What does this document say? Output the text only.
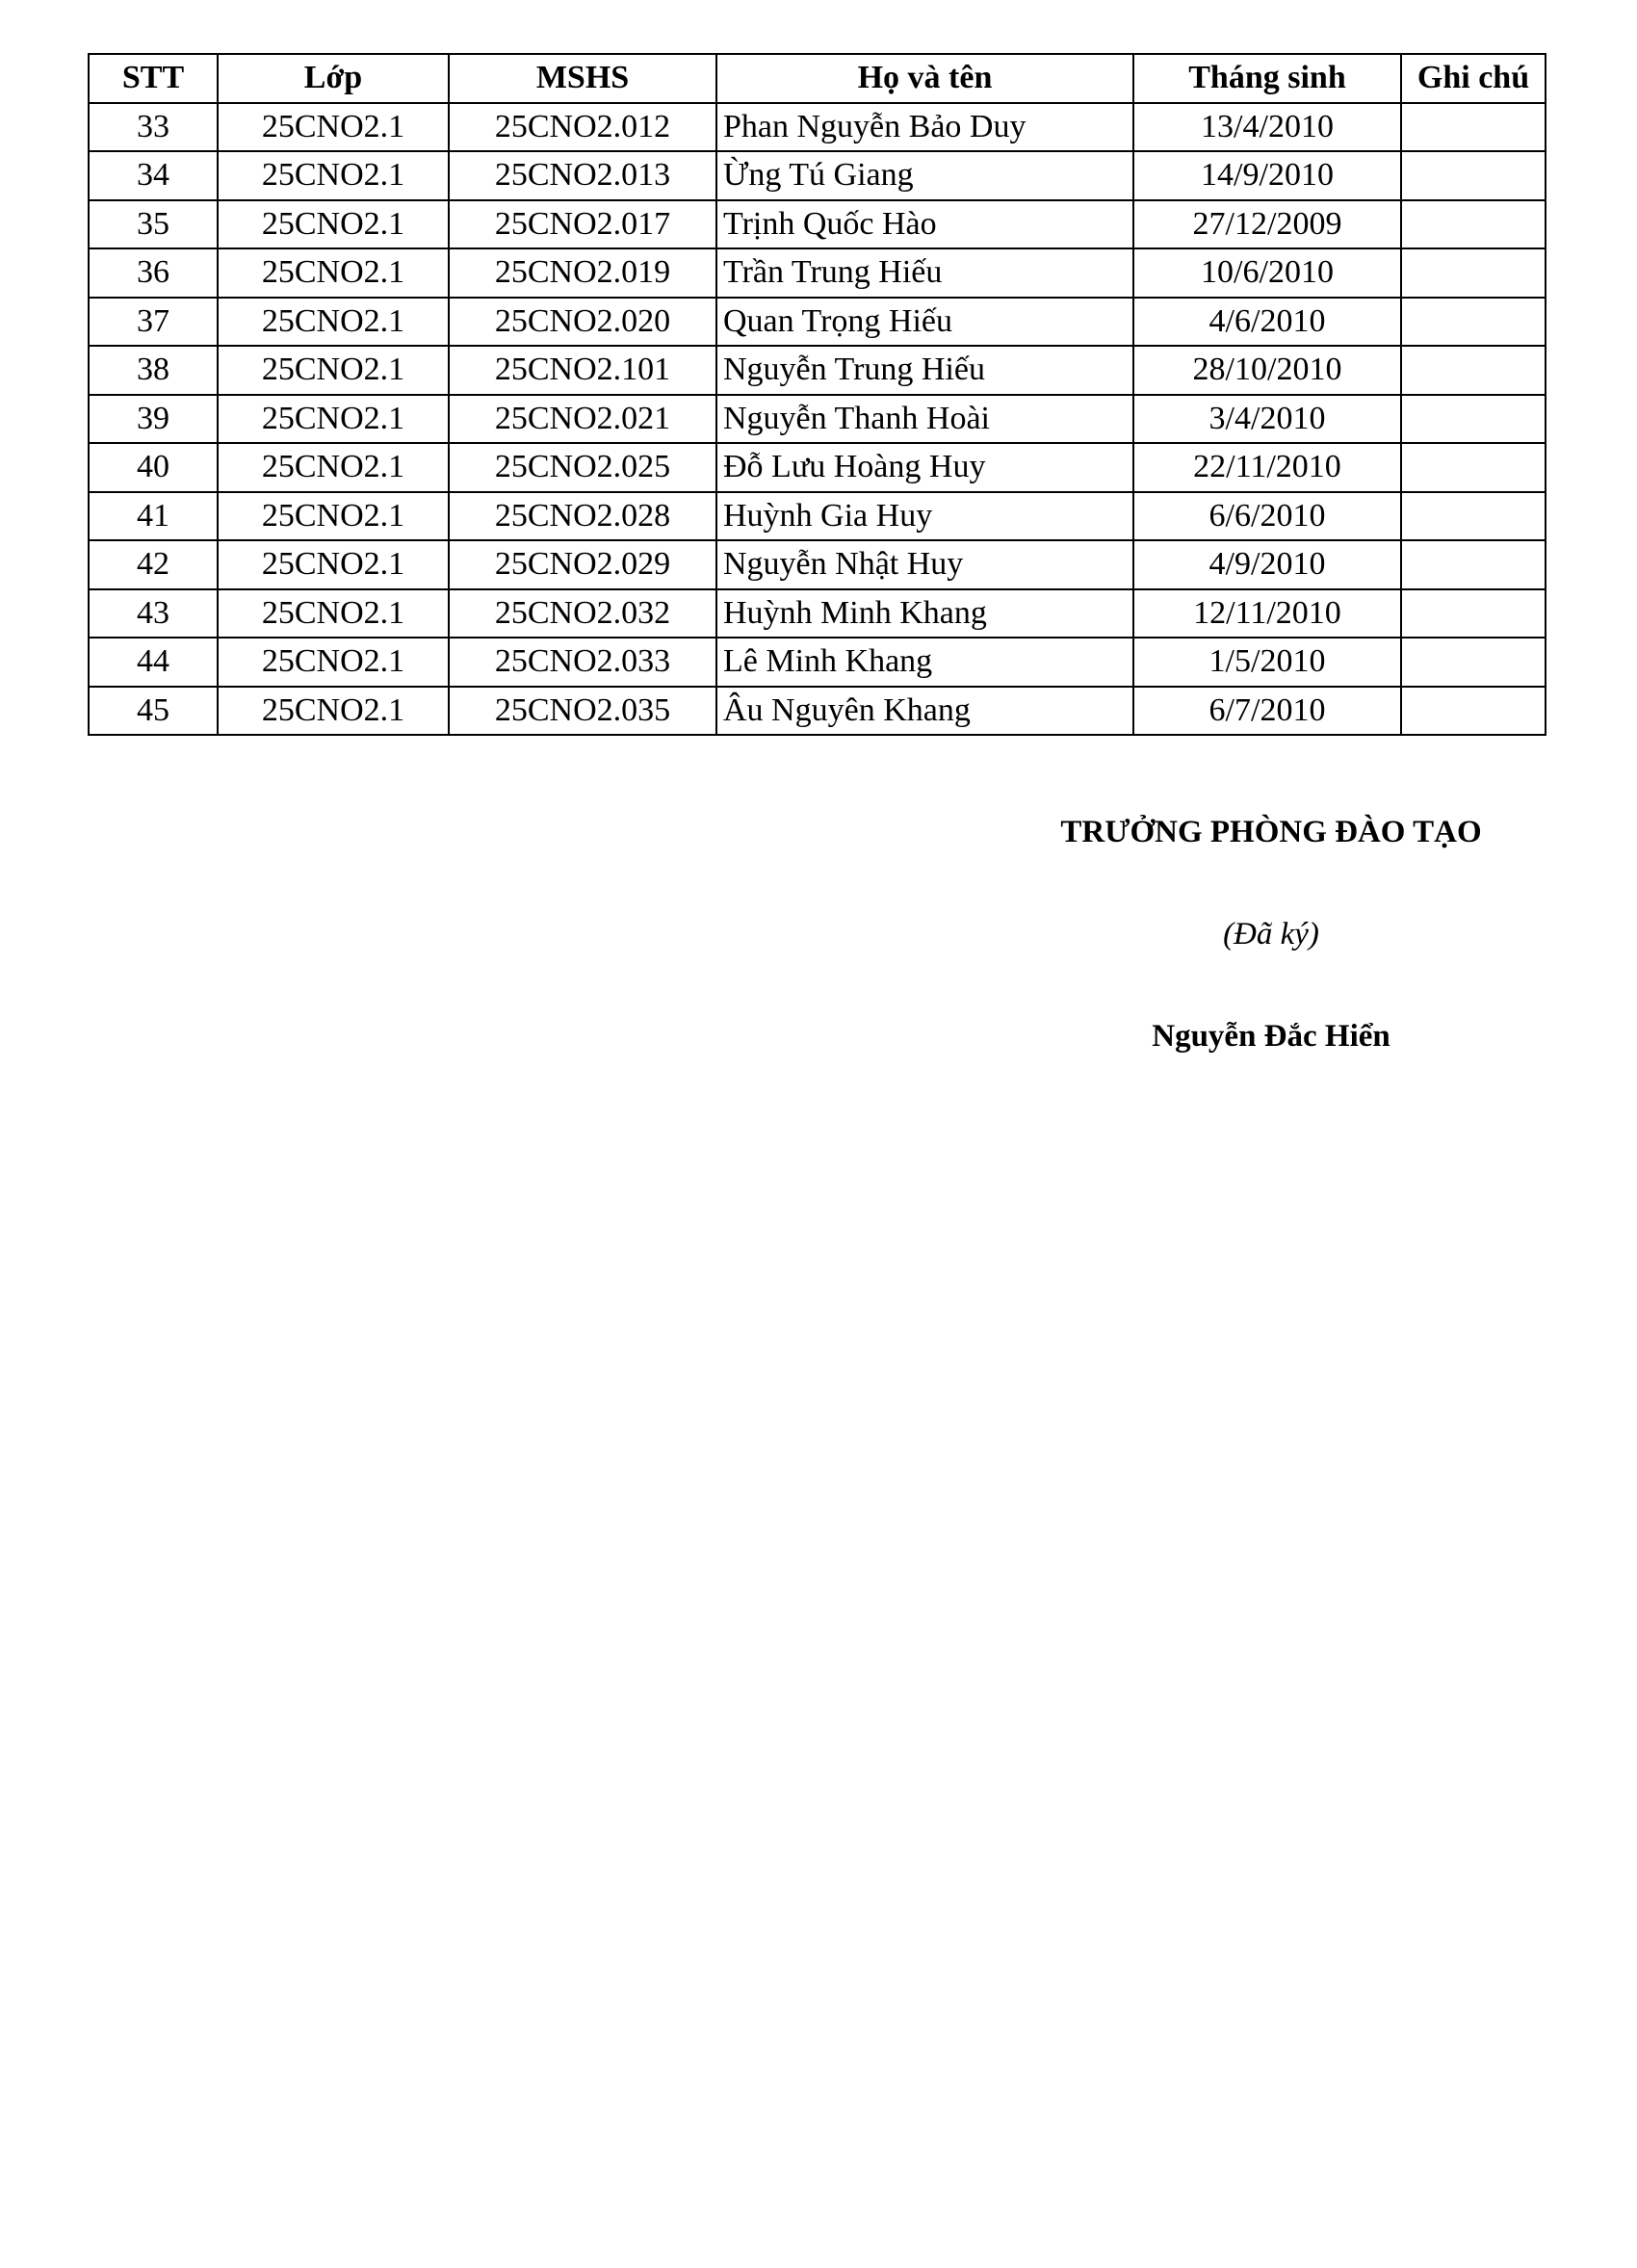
STT	Lớp	MSHS	Họ và tên	Tháng sinh	Ghi chú
33	25CNO2.1	25CNO2.012	Phan Nguyễn Bảo Duy	13/4/2010	
34	25CNO2.1	25CNO2.013	Ừng Tú Giang	14/9/2010	
35	25CNO2.1	25CNO2.017	Trịnh Quốc Hào	27/12/2009	
36	25CNO2.1	25CNO2.019	Trần Trung Hiếu	10/6/2010	
37	25CNO2.1	25CNO2.020	Quan Trọng Hiếu	4/6/2010	
38	25CNO2.1	25CNO2.101	Nguyễn Trung Hiếu	28/10/2010	
39	25CNO2.1	25CNO2.021	Nguyễn Thanh Hoài	3/4/2010	
40	25CNO2.1	25CNO2.025	Đỗ Lưu Hoàng Huy	22/11/2010	
41	25CNO2.1	25CNO2.028	Huỳnh Gia Huy	6/6/2010	
42	25CNO2.1	25CNO2.029	Nguyễn Nhật Huy	4/9/2010	
43	25CNO2.1	25CNO2.032	Huỳnh Minh Khang	12/11/2010	
44	25CNO2.1	25CNO2.033	Lê Minh Khang	1/5/2010	
45	25CNO2.1	25CNO2.035	Âu Nguyên Khang	6/7/2010	
TRƯỞNG PHÒNG ĐÀO TẠO
(Đã ký)
Nguyễn Đắc Hiển
